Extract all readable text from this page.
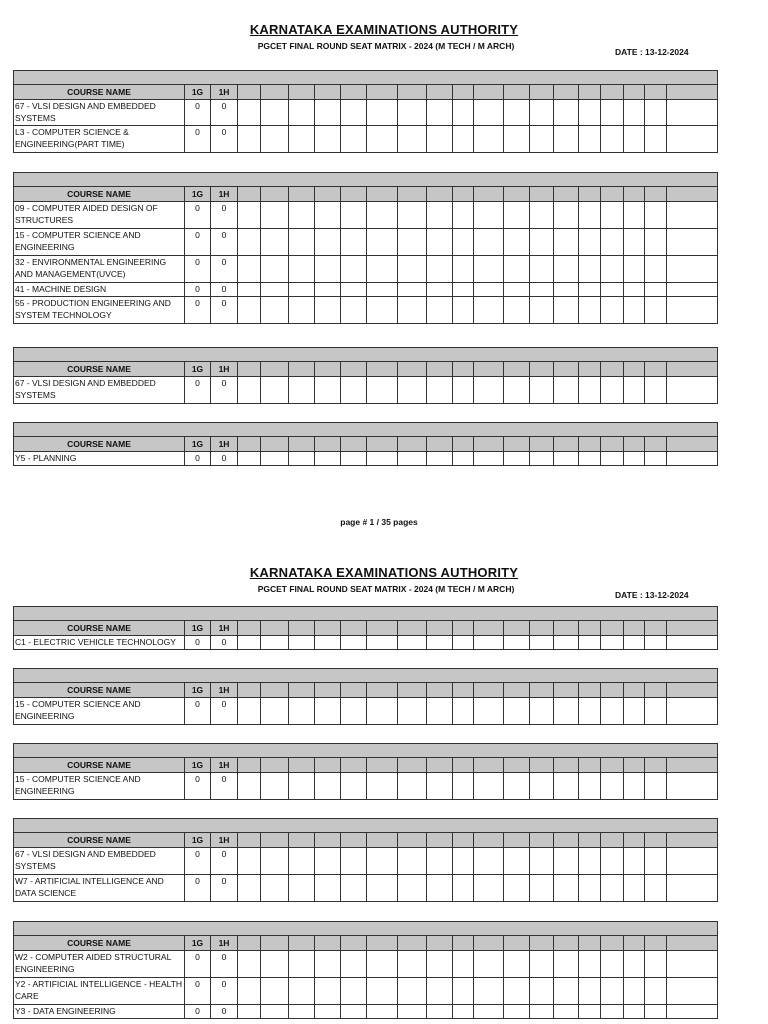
KARNATAKA EXAMINATIONS AUTHORITY
PGCET FINAL ROUND SEAT MATRIX - 2024 (M TECH / M ARCH)
DATE : 13-12-2024
page # 1 / 35 pages
KARNATAKA EXAMINATIONS AUTHORITY
PGCET FINAL ROUND SEAT MATRIX - 2024 (M TECH / M ARCH)
DATE : 13-12-2024

COURSE NAME	1G	1H																		
67 - VLSI DESIGN AND EMBEDDED SYSTEMS	0	0																		
L3 - COMPUTER SCIENCE & ENGINEERING(PART TIME)	0	0																		

COURSE NAME	1G	1H																		
09 - COMPUTER AIDED DESIGN OF STRUCTURES	0	0																		
15 - COMPUTER SCIENCE AND ENGINEERING	0	0																		
32 - ENVIRONMENTAL ENGINEERING AND MANAGEMENT(UVCE)	0	0																		
41 - MACHINE DESIGN	0	0																		
55 - PRODUCTION ENGINEERING AND SYSTEM TECHNOLOGY	0	0																		

COURSE NAME	1G	1H																		
67 - VLSI DESIGN AND EMBEDDED SYSTEMS	0	0																		

COURSE NAME	1G	1H																		
Y5 - PLANNING	0	0																		

COURSE NAME	1G	1H																		
C1 - ELECTRIC VEHICLE TECHNOLOGY	0	0																		

COURSE NAME	1G	1H																		
15 - COMPUTER SCIENCE AND ENGINEERING	0	0																		

COURSE NAME	1G	1H																		
15 - COMPUTER SCIENCE AND ENGINEERING	0	0																		

COURSE NAME	1G	1H																		
67 - VLSI DESIGN AND EMBEDDED SYSTEMS	0	0																		
W7 - ARTIFICIAL INTELLIGENCE AND DATA SCIENCE	0	0																		

COURSE NAME	1G	1H																		
W2 - COMPUTER AIDED STRUCTURAL ENGINEERING	0	0																		
Y2 - ARTIFICIAL INTELLIGENCE - HEALTH CARE	0	0																		
Y3 - DATA ENGINEERING	0	0																		
